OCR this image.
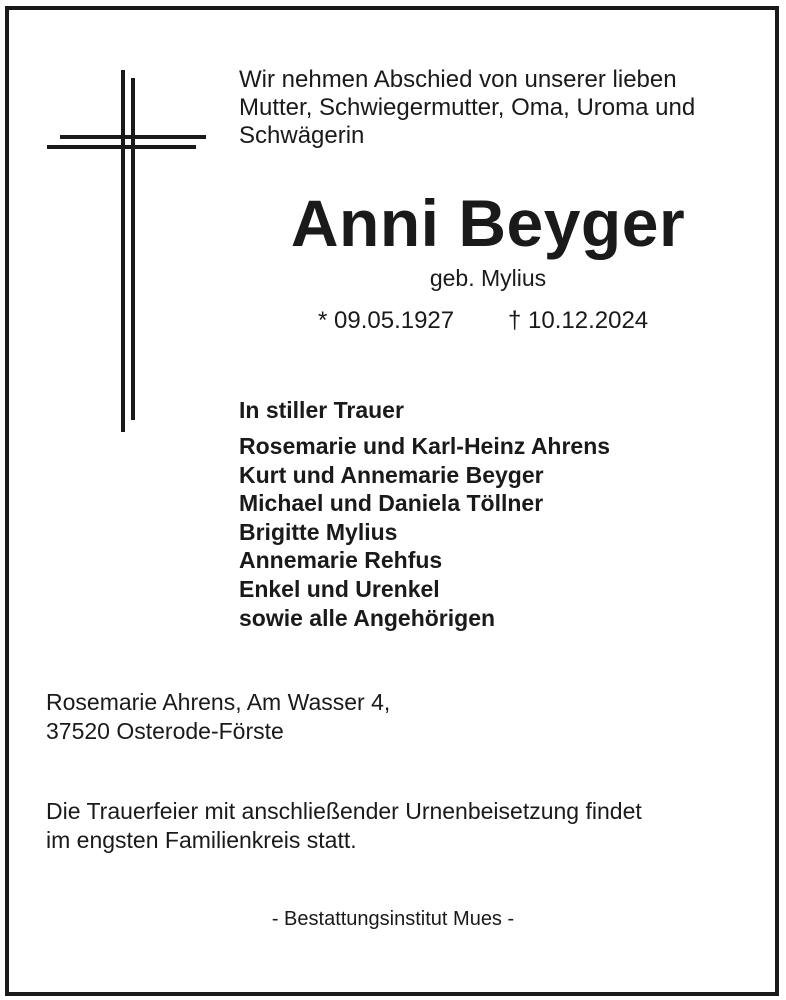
Wir nehmen Abschied von unserer lieben
Mutter, Schwiegermutter, Oma, Uroma und
Schwägerin
Anni Beyger
geb. Mylius
* 09.05.1927 † 10.12.2024
In stiller Trauer
Rosemarie und Karl-Heinz Ahrens
Kurt und Annemarie Beyger
Michael und Daniela Töllner
Brigitte Mylius
Annemarie Rehfus
Enkel und Urenkel
sowie alle Angehörigen
Rosemarie Ahrens, Am Wasser 4,
37520 Osterode-Förste
Die Trauerfeier mit anschließender Urnenbeisetzung findet
im engsten Familienkreis statt.
- Bestattungsinstitut Mues -
